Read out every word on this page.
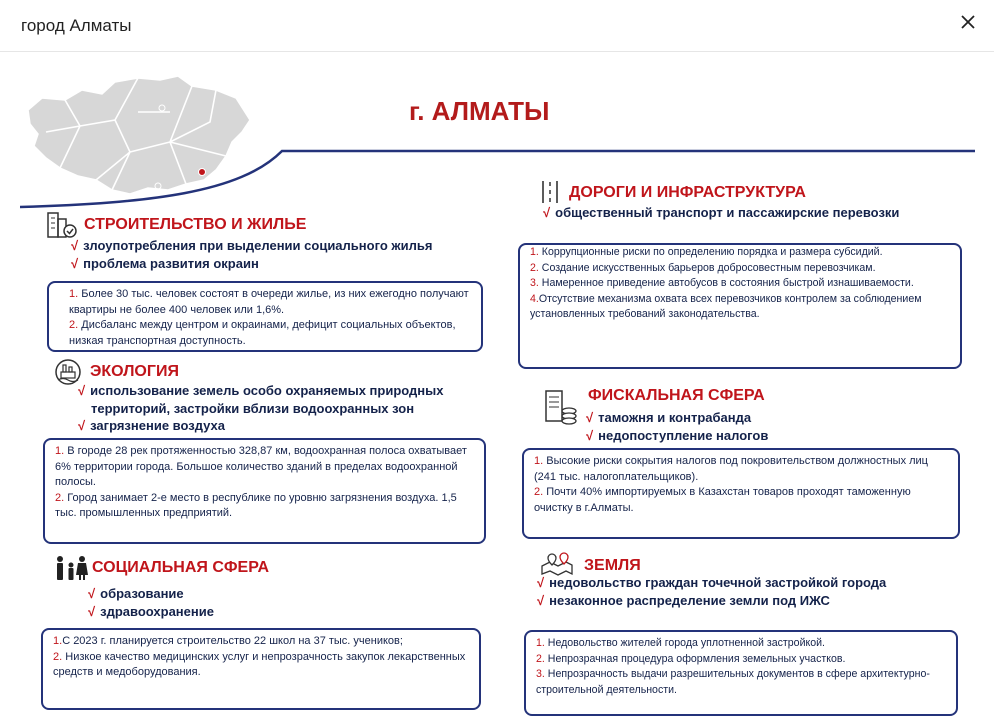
город Алматы
г. АЛМАТЫ
СТРОИТЕЛЬСТВО И ЖИЛЬЕ
√ злоупотребления при выделении социального жилья
√ проблема развития окраин
1. Более 30 тыс. человек состоят в очереди жилье, из них ежегодно получают квартиры не более 400 человек или 1,6%.
2. Дисбаланс между центром и окраинами, дефицит социальных объектов, низкая транспортная доступность.
ЭКОЛОГИЯ
√ использование земель особо охраняемых природных
территорий, застройки вблизи водоохранных зон
√ загрязнение воздуха
1. В городе 28 рек протяженностью 328,87 км, водоохранная полоса охватывает 6% территории города. Большое количество зданий в пределах водоохранной полосы.
2. Город занимает 2-е место в республике по уровню загрязнения воздуха. 1,5 тыс. промышленных предприятий.
СОЦИАЛЬНАЯ СФЕРА
√ образование
√ здравоохранение
1.С 2023 г. планируется строительство 22 школ на 37 тыс. учеников;
2. Низкое качество медицинских услуг и непрозрачность закупок лекарственных средств и медоборудования.
ДОРОГИ И ИНФРАСТРУКТУРА
√ общественный транспорт и пассажирские перевозки
1. Коррупционные риски по определению порядка и размера субсидий.
2. Создание искусственных барьеров добросовестным перевозчикам.
3. Намеренное приведение автобусов в состояния быстрой изнашиваемости.
4.Отсутствие механизма охвата всех перевозчиков контролем за соблюдением установленных требований законодательства.
ФИСКАЛЬНАЯ СФЕРА
√ таможня и контрабанда
√ недопоступление налогов
1. Высокие риски сокрытия налогов под покровительством должностных лиц (241 тыс. налогоплательщиков).
2. Почти 40% импортируемых в Казахстан товаров проходят таможенную очистку в г.Алматы.
ЗЕМЛЯ
√ недовольство граждан точечной застройкой города
√ незаконное распределение земли под ИЖС
1. Недовольство жителей города уплотненной застройкой.
2. Непрозрачная процедура оформления земельных участков.
3. Непрозрачность выдачи разрешительных документов в сфере архитектурно-строительной деятельности.
